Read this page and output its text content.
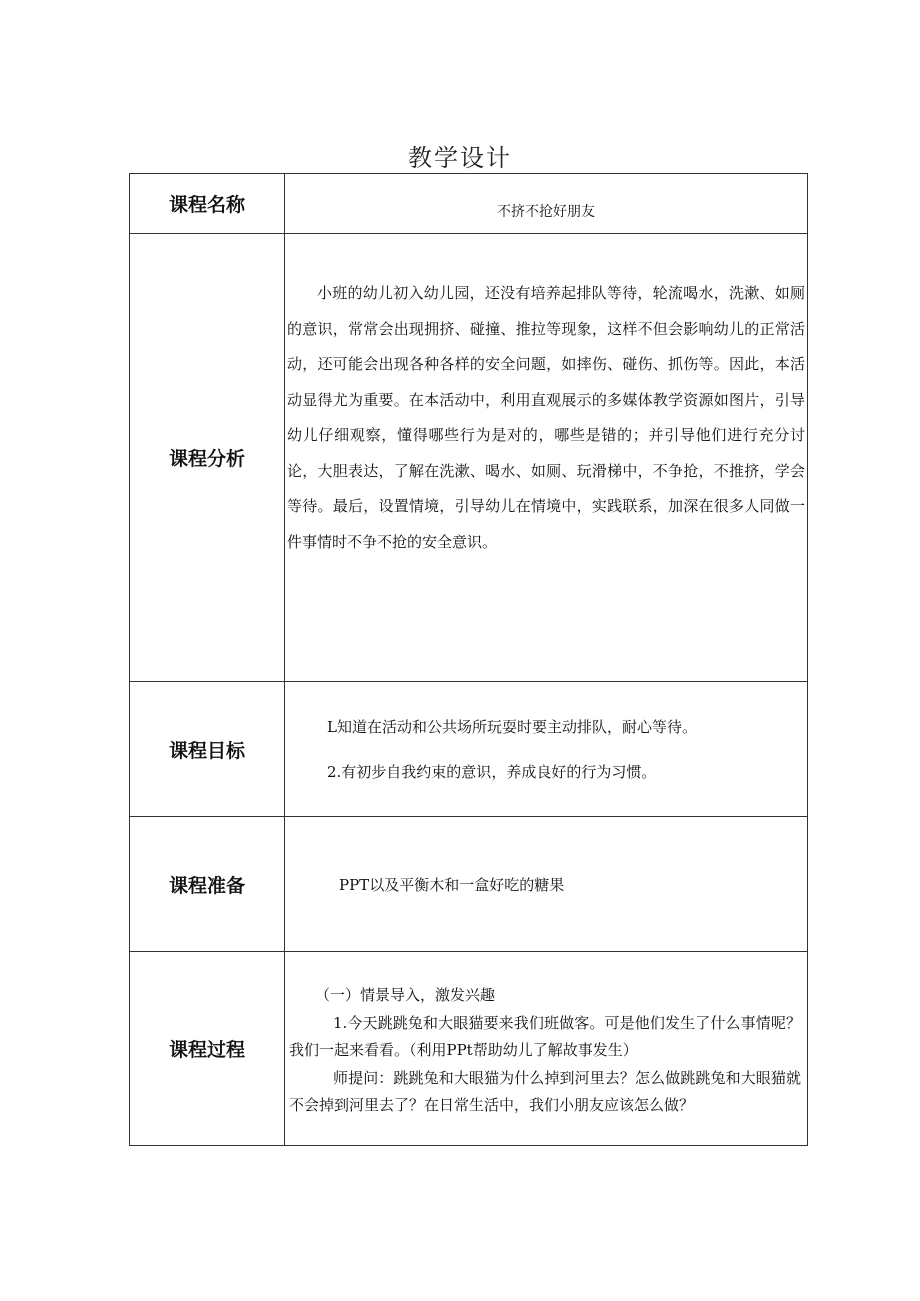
教学设计
课程名称	不挤不抢好朋友
课程分析	小班的幼儿初入幼儿园，还没有培养起排队等待，轮流喝水，洗漱、如厕的意识，常常会出现拥挤、碰撞、推拉等现象，这样不但会影响幼儿的正常活动，还可能会出现各种各样的安全问题，如摔伤、碰伤、抓伤等。因此，本活动显得尤为重要。在本活动中，利用直观展示的多媒体教学资源如图片，引导幼儿仔细观察，懂得哪些行为是对的，哪些是错的；并引导他们进行充分讨论，大胆表达，了解在洗漱、喝水、如厕、玩滑梯中，不争抢，不推挤，学会等待。最后，设置情境，引导幼儿在情境中，实践联系，加深在很多人同做一件事情时不争不抢的安全意识。

课程目标	L知道在活动和公共场所玩耍时要主动排队，耐心等待。
2.有初步自我约束的意识，养成良好的行为习惯。

课程准备	PPT以及平衡木和一盒好吃的糖果

课程过程	（一）情景导入，激发兴趣
1.今天跳跳兔和大眼猫要来我们班做客。可是他们发生了什么事情呢？我们一起来看看。（利用PPt帮助幼儿了解故事发生）
师提问：跳跳兔和大眼猫为什么掉到河里去？怎么做跳跳兔和大眼猫就不会掉到河里去了？在日常生活中，我们小朋友应该怎么做？
